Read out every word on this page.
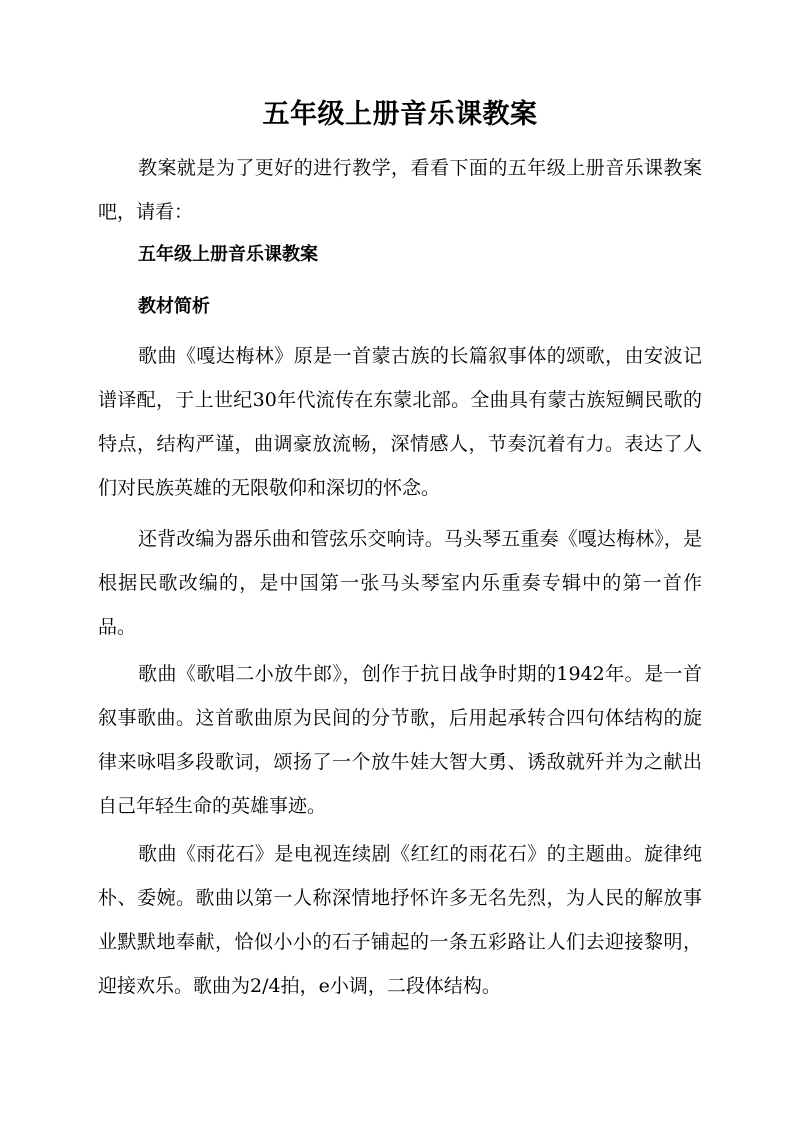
五年级上册音乐课教案

教案就是为了更好的进行教学，看看下面的五年级上册音乐课教案吧，请看：

五年级上册音乐课教案

教材简析

歌曲《嘎达梅林》原是一首蒙古族的长篇叙事体的颂歌，由安波记谱译配，于上世纪30年代流传在东蒙北部。全曲具有蒙古族短鲷民歌的特点，结构严谨，曲调豪放流畅，深情感人，节奏沉着有力。表达了人们对民族英雄的无限敬仰和深切的怀念。

还背改编为器乐曲和管弦乐交响诗。马头琴五重奏《嘎达梅林》，是根据民歌改编的，是中国第一张马头琴室内乐重奏专辑中的第一首作品。

歌曲《歌唱二小放牛郎》，创作于抗日战争时期的1942年。是一首叙事歌曲。这首歌曲原为民间的分节歌，后用起承转合四句体结构的旋律来咏唱多段歌词，颂扬了一个放牛娃大智大勇、诱敌就歼并为之献出自己年轻生命的英雄事迹。

歌曲《雨花石》是电视连续剧《红红的雨花石》的主题曲。旋律纯朴、委婉。歌曲以第一人称深情地抒怀许多无名先烈，为人民的解放事业默默地奉献，恰似小小的石子铺起的一条五彩路让人们去迎接黎明，迎接欢乐。歌曲为2/4拍，e小调，二段体结构。
